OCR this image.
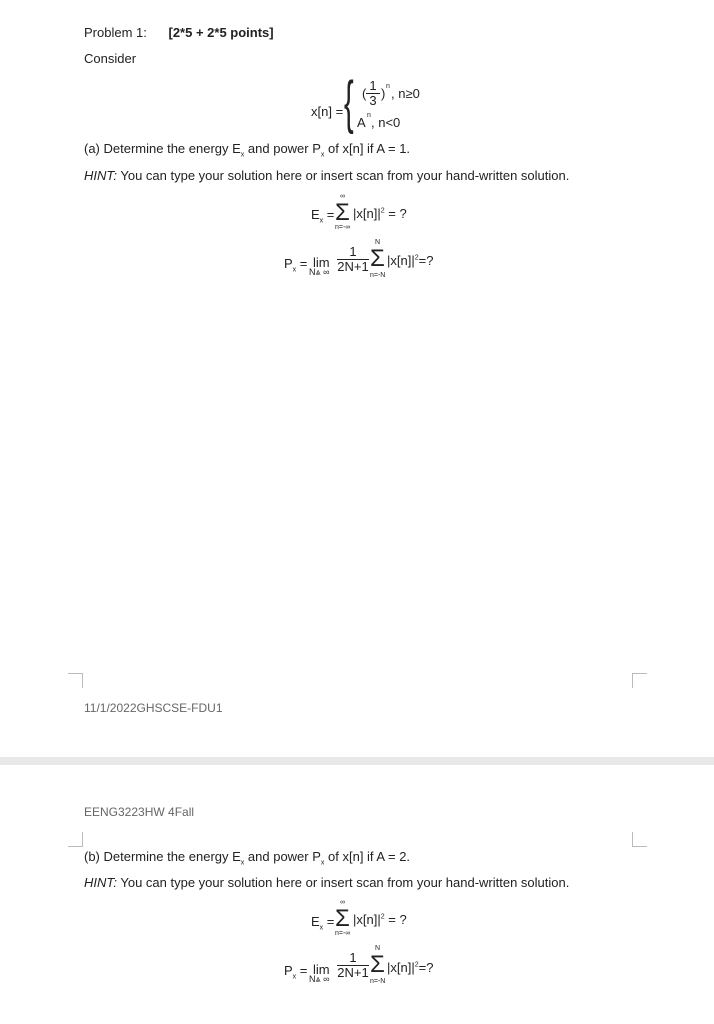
Problem 1: [2*5 + 2*5 points]
Consider
x[n] = { ( $\frac{1}{3}$ ) n , n≥0
A n , n<0
(a) Determine the energy $E_x$ and power $P_x$ of x[n] if A = 1.
HINT: You can type your solution here or insert scan from your hand-written solution.
$E_x$ =
∞
Σ
n=-∞
$|x[n]|^2$ = ?
$P_x = \lim$
N⩓ ∞ $\frac{1}{2N+1}$
N
Σ
n=-N
$|x[n]|^2=$?
11/1/2022GHSCSE-FDU1
EENG3223HW 4Fall
(b) Determine the energy $E_x$ and power $P_x$ of x[n] if A = 2.
HINT: You can type your solution here or insert scan from your hand-written solution.
$E_x$ =
∞
Σ
n=-∞
$|x[n]|^2$ = ?
$P_x = \lim$
N⩓ ∞ $\frac{1}{2N+1}$
N
Σ
n=-N
$|x[n]|^2=$?
